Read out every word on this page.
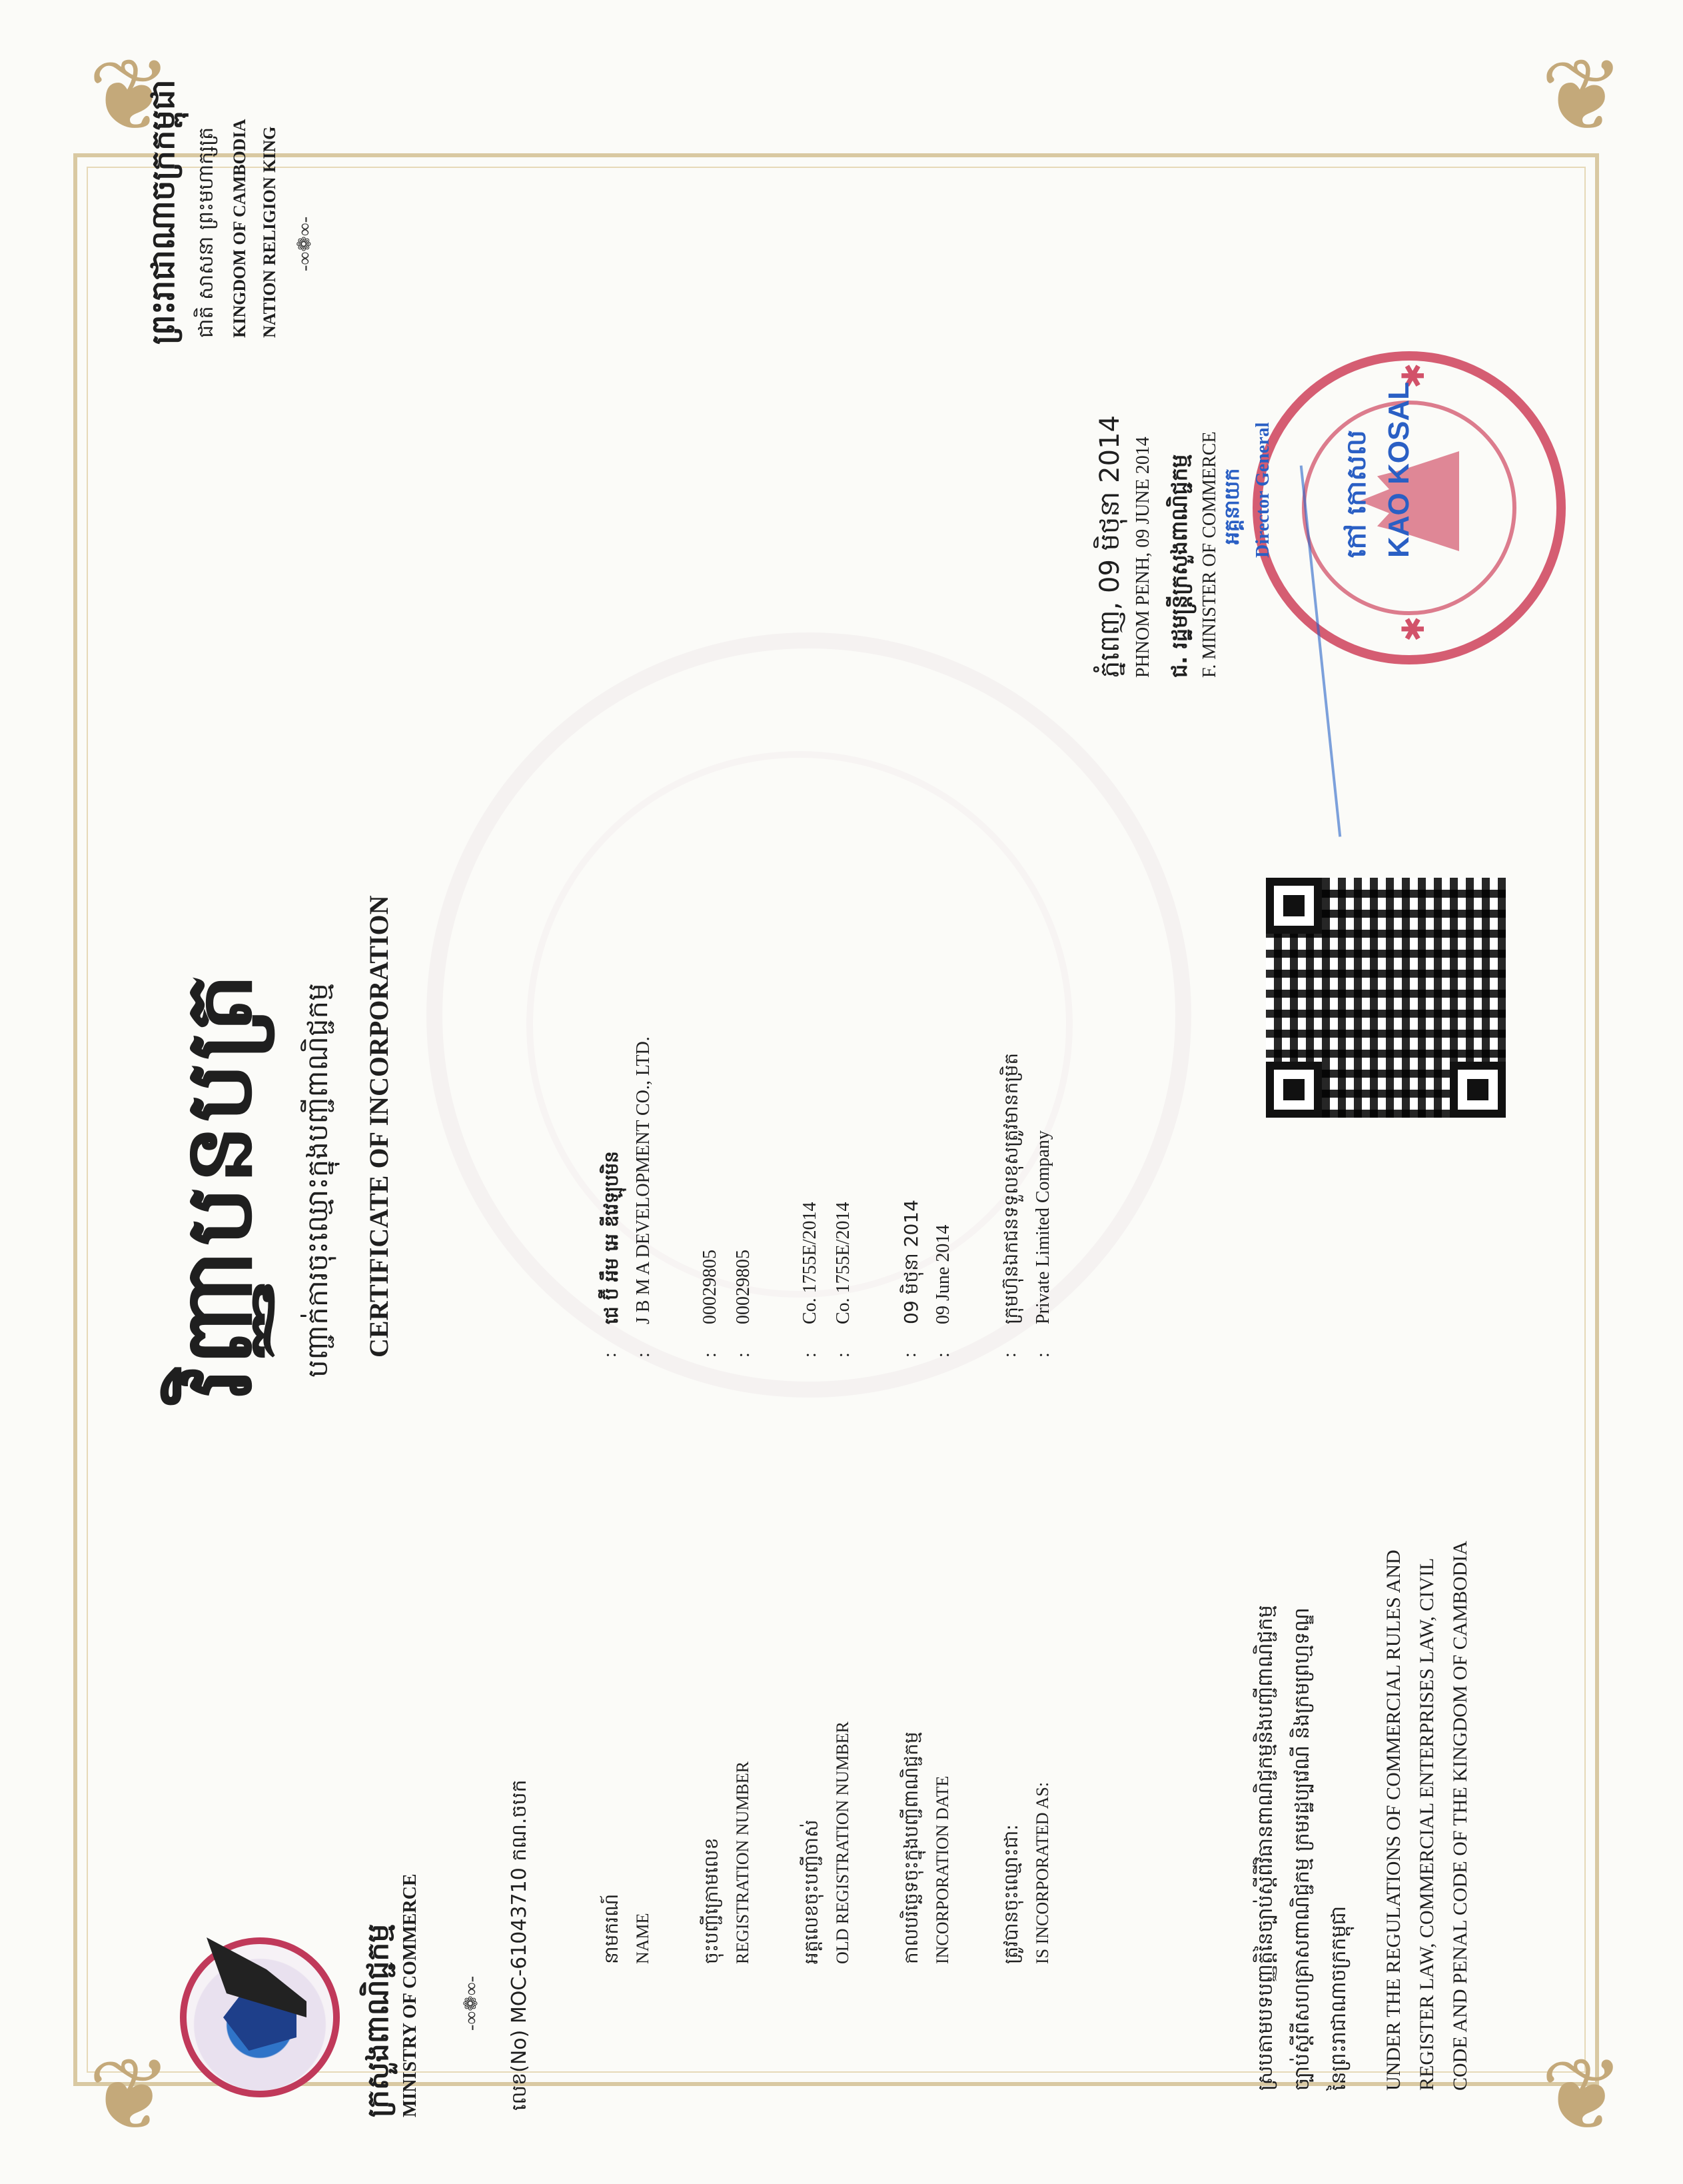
❦	❦
❦	❦
ក្រសួងពាណិជ្ជកម្ម MINISTRY OF COMMERCE -∞❁∞- លេខ(No) MOC-61043710 កណ.ចបក
ព្រះរាជាណាចក្រកម្ពុជា ជាតិ សាសនា ព្រះមហាក្សត្រ KINGDOM OF CAMBODIA NATION RELIGION KING -∞❁∞-
វិញ្ញាបនបត្រ	បញ្ជាក់ការចុះឈ្មោះក្នុងបញ្ជីពាណិជ្ជកម្ម CERTIFICATE OF INCORPORATION
នាមករណ៍ NAME
: :
ជេ ប៊ី អឹម អេ ឌីវេឡុបមិន J B M A DEVELOPMENT CO., LTD.
ចុះបញ្ជីក្រោមលេខ REGISTRATION NUMBER
: :
00029805 00029805
អត្តលេខចុះបញ្ជីចាស់ OLD REGISTRATION NUMBER
: :
Co. 1755E/2014 Co. 1755E/2014
កាលបរិច្ឆេទចុះក្នុងបញ្ជីពាណិជ្ជកម្ម INCORPORATION DATE
: :
09 មិថុនា 2014 09 June 2014
ត្រូវបានចុះឈ្មោះជា: IS INCORPORATED AS:
: :
ក្រុមហ៊ុនឯកជនទទួលខុសត្រូវមានកម្រិត Private Limited Company
ស្របតាមបទបញ្ញត្តិនៃច្បាប់ស្តីពីវិធានពាណិជ្ជកម្មនិងបញ្ជីពាណិជ្ជកម្ម ច្បាប់ស្តីពីសហគ្រាសពាណិជ្ជកម្ម ក្រមរដ្ឋប្បវេណី និងក្រមព្រហ្មទណ្ឌ នៃព្រះរាជាណាចក្រកម្ពុជា UNDER THE REGULATIONS OF COMMERCIAL RULES AND REGISTER LAW, COMMERCIAL ENTERPRISES LAW, CIVIL CODE AND PENAL CODE OF THE KINGDOM OF CAMBODIA
ភ្នំពេញ, 09 មិថុនា 2014 PHNOM PENH, 09 JUNE 2014 ជ. រដ្ឋមន្ត្រីក្រសួងពាណិជ្ជកម្ម F. MINISTER OF COMMERCE	✱
✱
អគ្គនាយក Director General	កៅ កោសល KAO KOSAL
